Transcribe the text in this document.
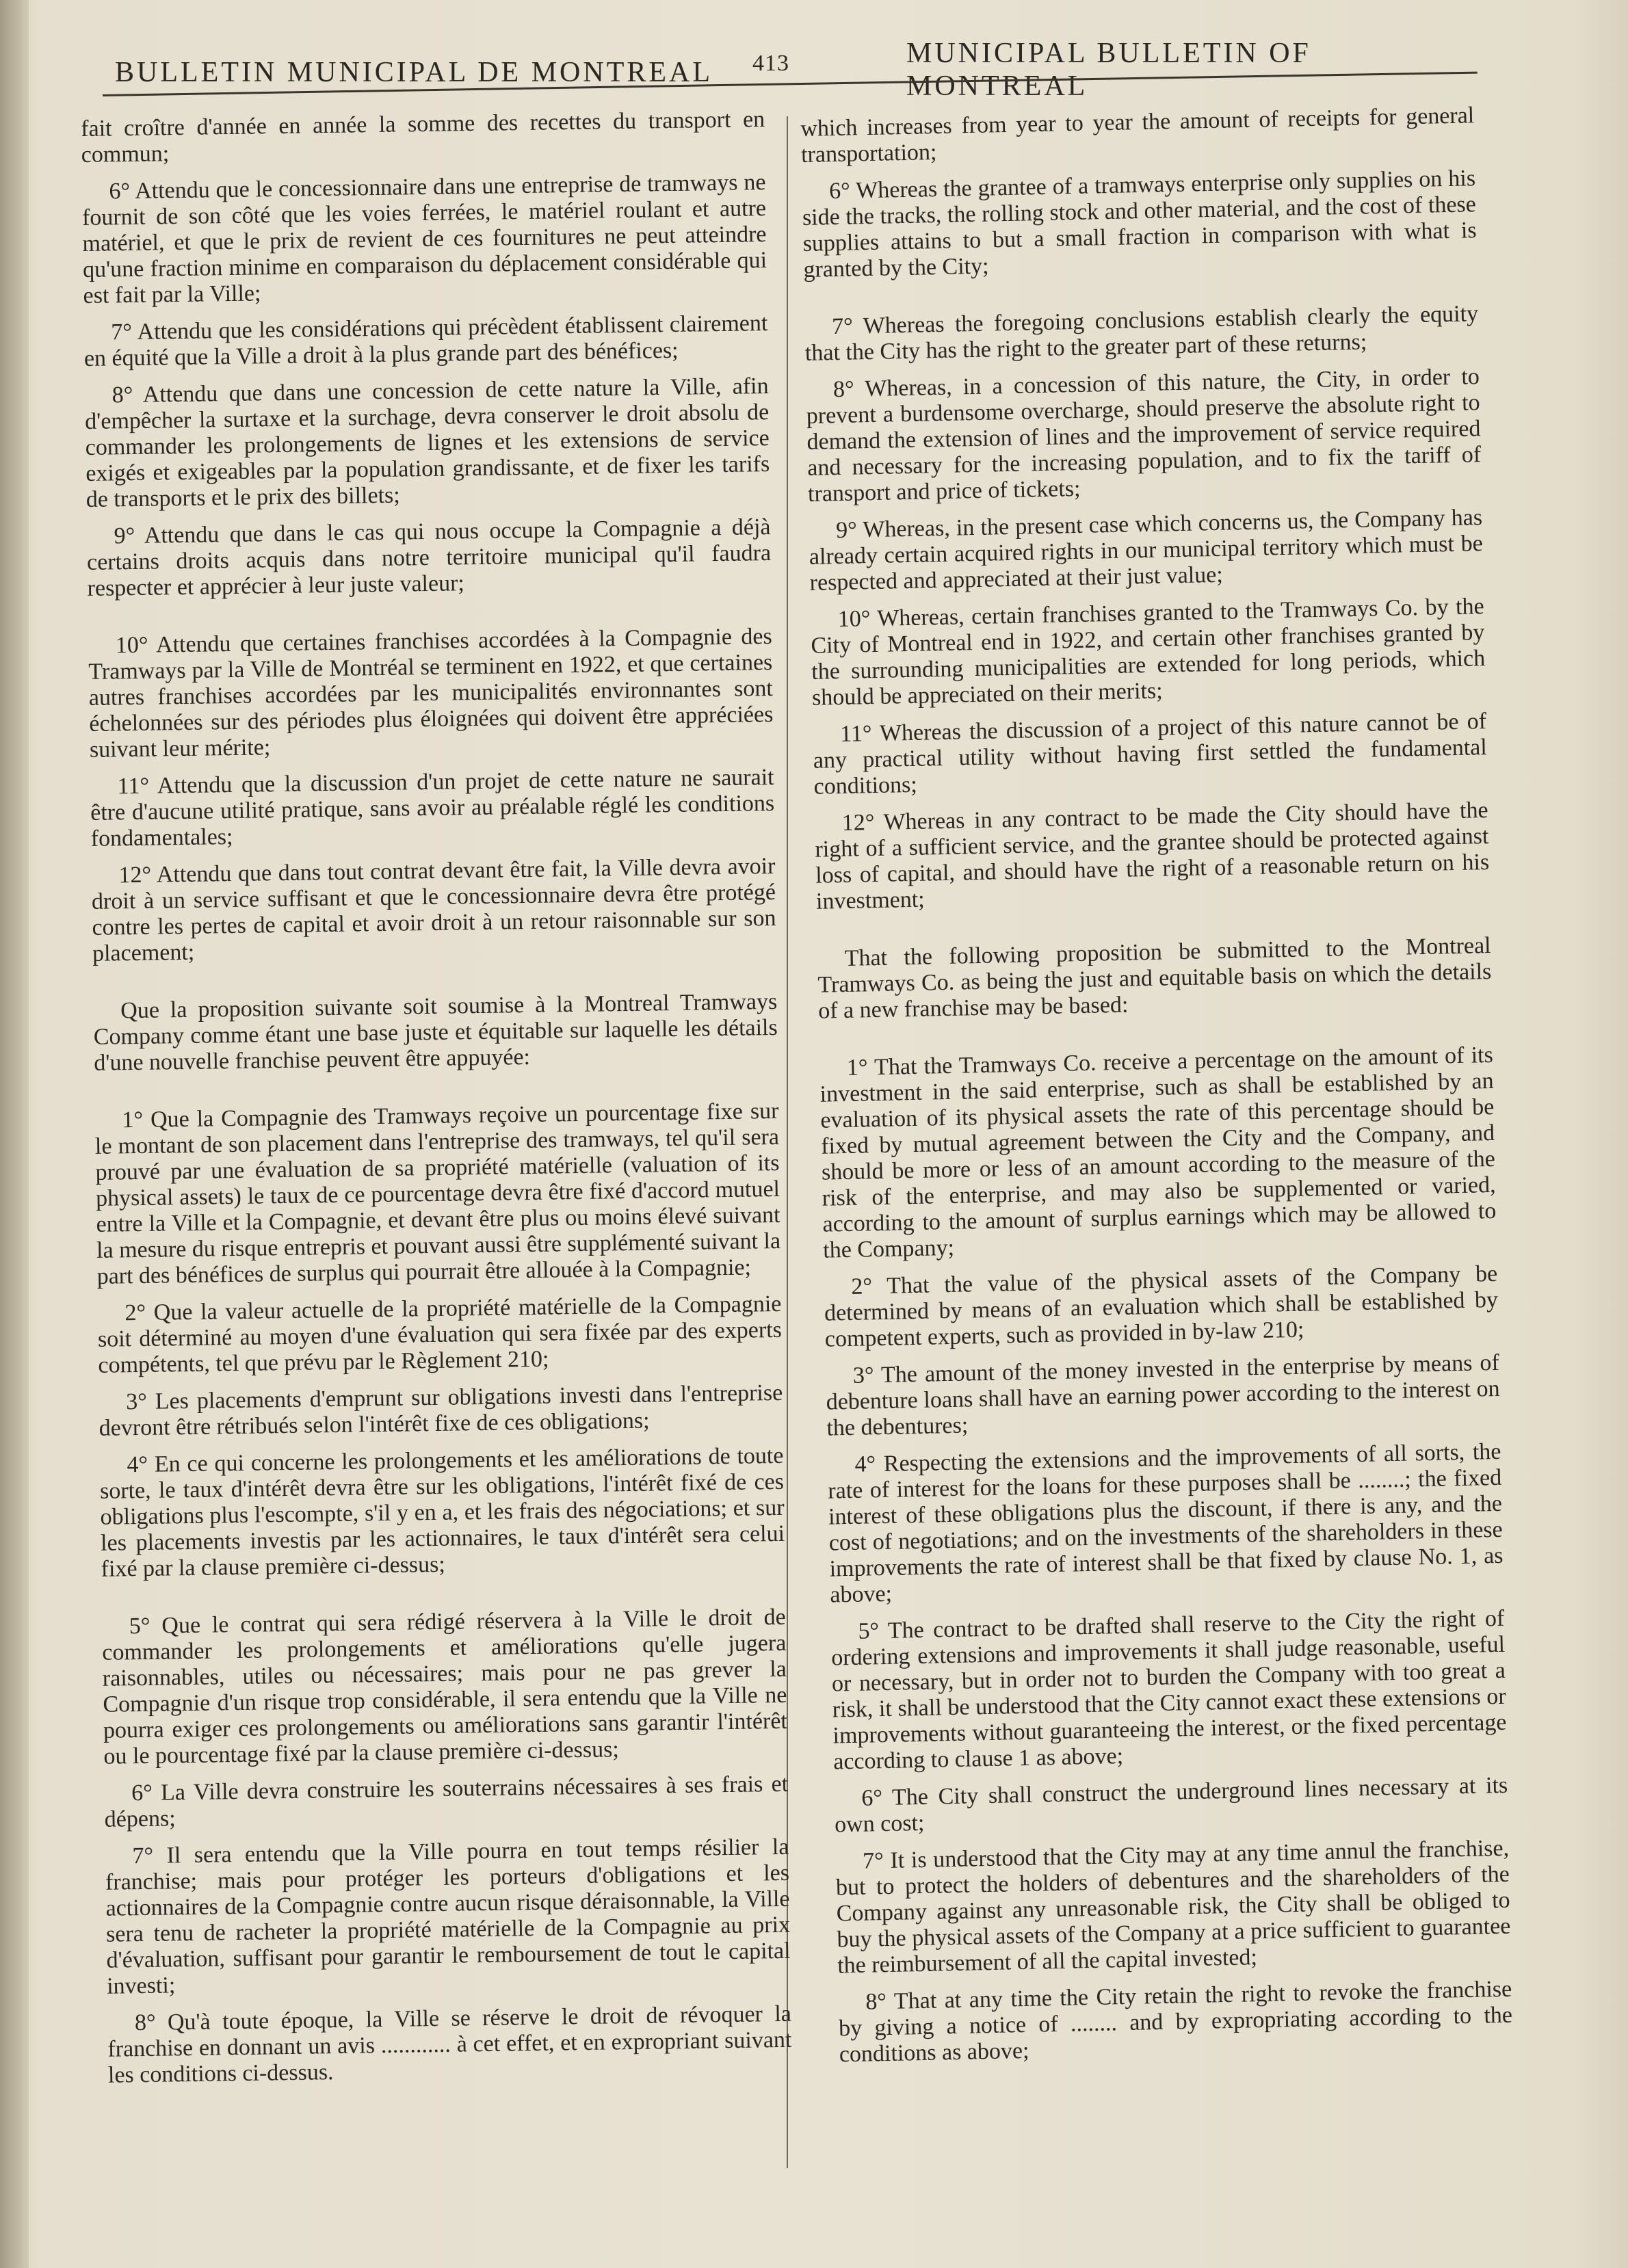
BULLETIN MUNICIPAL DE MONTREAL 413	MUNICIPAL BULLETIN OF MONTREAL

fait croître d'année en année la somme des recettes du transport en commun;

6° Attendu que le concessionnaire dans une entreprise de tramways ne fournit de son côté que les voies ferrées, le matériel roulant et autre matériel, et que le prix de revient de ces fournitures ne peut atteindre qu'une fraction minime en comparaison du déplacement considérable qui est fait par la Ville;

7° Attendu que les considérations qui précèdent établissent clairement en équité que la Ville a droit à la plus grande part des bénéfices;

8° Attendu que dans une concession de cette nature la Ville, afin d'empêcher la surtaxe et la surchage, devra conserver le droit absolu de commander les prolongements de lignes et les extensions de service exigés et exigeables par la population grandissante, et de fixer les tarifs de transports et le prix des billets;

9° Attendu que dans le cas qui nous occupe la Compagnie a déjà certains droits acquis dans notre territoire municipal qu'il faudra respecter et apprécier à leur juste valeur;

10° Attendu que certaines franchises accordées à la Compagnie des Tramways par la Ville de Montréal se terminent en 1922, et que certaines autres franchises accordées par les municipalités environnantes sont échelonnées sur des périodes plus éloignées qui doivent être appréciées suivant leur mérite;

11° Attendu que la discussion d'un projet de cette nature ne saurait être d'aucune utilité pratique, sans avoir au préalable réglé les conditions fondamentales;

12° Attendu que dans tout contrat devant être fait, la Ville devra avoir droit à un service suffisant et que le concessionnaire devra être protégé contre les pertes de capital et avoir droit à un retour raisonnable sur son placement;

Que la proposition suivante soit soumise à la Montreal Tramways Company comme étant une base juste et équitable sur laquelle les détails d'une nouvelle franchise peuvent être appuyée:

1° Que la Compagnie des Tramways reçoive un pourcentage fixe sur le montant de son placement dans l'entreprise des tramways, tel qu'il sera prouvé par une évaluation de sa propriété matérielle (valuation of its physical assets) le taux de ce pourcentage devra être fixé d'accord mutuel entre la Ville et la Compagnie, et devant être plus ou moins élevé suivant la mesure du risque entrepris et pouvant aussi être supplémenté suivant la part des bénéfices de surplus qui pourrait être allouée à la Compagnie;

2° Que la valeur actuelle de la propriété matérielle de la Compagnie soit déterminé au moyen d'une évaluation qui sera fixée par des experts compétents, tel que prévu par le Règlement 210;

3° Les placements d'emprunt sur obligations investi dans l'entreprise devront être rétribués selon l'intérêt fixe de ces obligations;

4° En ce qui concerne les prolongements et les améliorations de toute sorte, le taux d'intérêt devra être sur les obligations, l'intérêt fixé de ces obligations plus l'escompte, s'il y en a, et les frais des négociations; et sur les placements investis par les actionnaires, le taux d'intérêt sera celui fixé par la clause première ci-dessus;

5° Que le contrat qui sera rédigé réservera à la Ville le droit de commander les prolongements et améliorations qu'elle jugera raisonnables, utiles ou nécessaires; mais pour ne pas grever la Compagnie d'un risque trop considérable, il sera entendu que la Ville ne pourra exiger ces prolongements ou améliorations sans garantir l'intérêt ou le pourcentage fixé par la clause première ci-dessus;

6° La Ville devra construire les souterrains nécessaires à ses frais et dépens;

7° Il sera entendu que la Ville pourra en tout temps résilier la franchise; mais pour protéger les porteurs d'obligations et les actionnaires de la Compagnie contre aucun risque déraisonnable, la Ville sera tenu de racheter la propriété matérielle de la Compagnie au prix d'évaluation, suffisant pour garantir le remboursement de tout le capital investi;

8° Qu'à toute époque, la Ville se réserve le droit de révoquer la franchise en donnant un avis ............ à cet effet, et en expropriant suivant les conditions ci-dessus.

which increases from year to year the amount of receipts for general transportation;

6° Whereas the grantee of a tramways enterprise only supplies on his side the tracks, the rolling stock and other material, and the cost of these supplies attains to but a small fraction in comparison with what is granted by the City;

7° Whereas the foregoing conclusions establish clearly the equity that the City has the right to the greater part of these returns;

8° Whereas, in a concession of this nature, the City, in order to prevent a burdensome overcharge, should preserve the absolute right to demand the extension of lines and the improvement of service required and necessary for the increasing population, and to fix the tariff of transport and price of tickets;

9° Whereas, in the present case which concerns us, the Company has already certain acquired rights in our municipal territory which must be respected and appreciated at their just value;

10° Whereas, certain franchises granted to the Tramways Co. by the City of Montreal end in 1922, and certain other franchises granted by the surrounding municipalities are extended for long periods, which should be appreciated on their merits;

11° Whereas the discussion of a project of this nature cannot be of any practical utility without having first settled the fundamental conditions;

12° Whereas in any contract to be made the City should have the right of a sufficient service, and the grantee should be protected against loss of capital, and should have the right of a reasonable return on his investment;

That the following proposition be submitted to the Montreal Tramways Co. as being the just and equitable basis on which the details of a new franchise may be based:

1° That the Tramways Co. receive a percentage on the amount of its investment in the said enterprise, such as shall be established by an evaluation of its physical assets the rate of this percentage should be fixed by mutual agreement between the City and the Company, and should be more or less of an amount according to the measure of the risk of the enterprise, and may also be supplemented or varied, according to the amount of surplus earnings which may be allowed to the Company;

2° That the value of the physical assets of the Company be determined by means of an evaluation which shall be established by competent experts, such as provided in by-law 210;

3° The amount of the money invested in the enterprise by means of debenture loans shall have an earning power according to the interest on the debentures;

4° Respecting the extensions and the improvements of all sorts, the rate of interest for the loans for these purposes shall be ........; the fixed interest of these obligations plus the discount, if there is any, and the cost of negotiations; and on the investments of the shareholders in these improvements the rate of interest shall be that fixed by clause No. 1, as above;

5° The contract to be drafted shall reserve to the City the right of ordering extensions and improvements it shall judge reasonable, useful or necessary, but in order not to burden the Company with too great a risk, it shall be understood that the City cannot exact these extensions or improvements without guaranteeing the interest, or the fixed percentage according to clause 1 as above;

6° The City shall construct the underground lines necessary at its own cost;

7° It is understood that the City may at any time annul the franchise, but to protect the holders of debentures and the shareholders of the Company against any unreasonable risk, the City shall be obliged to buy the physical assets of the Company at a price sufficient to guarantee the reimbursement of all the capital invested;

8° That at any time the City retain the right to revoke the franchise by giving a notice of ........ and by expropriating according to the conditions as above;
